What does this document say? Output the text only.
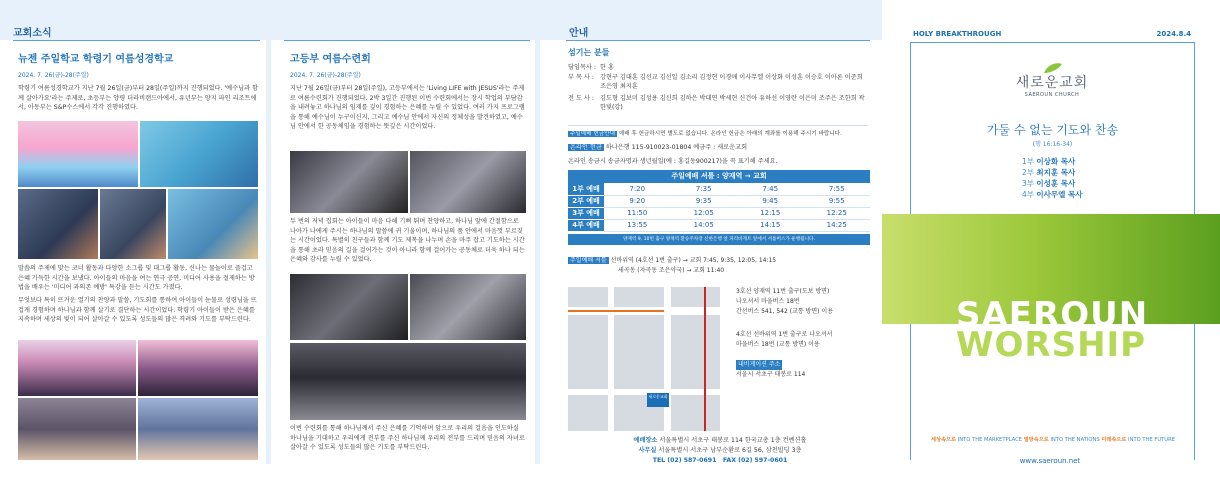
교회소식
뉴젠 주일학교 학령기 여름성경학교
2024. 7. 26(금)-28(주일)
학령기 여름성경학교가 지난 7월 26일(금)부터 28일(주일)까지 진행되었다. '예수님과 함께 살아가요'라는 주제로, 초등부는 양평 더라비랜드아에서, 유년부는 양지 파인 리조트에서, 아동부는 S&P수스에서 각각 진행하였다.
말씀의 주제에 맞는 코너 활동과 다양한 소그룹 및 대그룹 활동, 신나는 물놀이로 즐겁고 은혜 가득한 시간을 보냈다. 아이들의 마음을 여는 연극 공연, 미디어 사용을 절제하는 방법을 배우는 '미디어 과의존 예방' 특강을 듣는 시간도 가졌다.
무엇보다 특히 뜨거운 열기의 찬양과 말씀, 기도회를 통하여 아이들이 눈물로 성령님을 뜨겁게 경험하며 하나님과 함께 살기로 결단하는 시간이었다. 학령기 아이들이 받은 은혜를 지속하며 세상의 빛이 되어 살아갈 수 있도록 성도들의 많은 격려와 기도를 부탁드린다.
고등부 여름수련회
2024. 7. 26(금)-28(주일)
지난 7월 26일(금)부터 28일(주일), 고등부에서는 'Living LIFE with JESUS'라는 주제로 여름수련회가 진행되었다. 2박 3일간 진행된 이번 수련회에서는 장시 학업의 부담감을 내려놓고 하나님의 임재를 깊이 경험하는 은혜를 누릴 수 있었다. 여러 가지 프로그램을 통해 예수님이 누구이신지, 그리고 예수님 안에서 자신의 정체성을 발견하였고, 예수님 안에서 한 공동체임을 경험하는 뜻깊은 시간이었다.
두 번의 저녁 집회는 아이들이 마음 다해 기뻐 뛰며 찬양하고, 하나님 앞에 간절함으로 나아가 나에게 주시는 하나님의 말씀에 귀 기울이며, 하나님의 품 안에서 마음껏 부르짖는 시간이었다. 특별히 친구들과 함께 기도 제목을 나누며 손을 마주 잡고 기도하는 시간을 통해 초라 믿음의 길을 걸어가는 것이 아니라 함께 걸어가는 공동체로 더욱 하나 되는 은혜와 감사를 누릴 수 있었다.
이번 수련회를 통해 하나님께서 주신 은혜를 기억하며 앞으로 우리의 걸음을 인도하실 하나님을 기대하고 우리에게 전부를 주신 하나님께 우리의 전부를 드리며 믿음의 자녀로 살아갈 수 있도록 성도들의 많은 기도를 부탁드린다.
안내
섬기는 분들
담임목사 : 한 홍
부 목 사 : 강현구 김대훈 김선교 김선일 김소리 김정현 이경애 이사무엘 이상화 이성훈 이승호 이아론 이준희 조은영 최지훈
전 도 사 : 김도형 김보미 김성용 김신희 김하은 박대연 박세현 신건아 유하선 이영란 이은미 조주은 조한희 곽한빛(강)
주일예배 헌금안내 예배 후 헌금하시면 별도로 없습니다. 온라인 헌금은 아래의 계좌를 이용해 주시기 바랍니다.
온라인 헌금 하나은행 115-910023-01804 예금주 : 새로운교회
온라인 송금시 송금자명과 생년월일(예 : 홍길동900217)을 꼭 표기해 주세요.
주일예배 셔틀 : 양재역 → 교회
1부 예배	7:20	7:35	7:45	7:55
2부 예배	9:20	9:35	9:45	9:55
3부 예배	11:50	12:05	12:15	12:25
4부 예배	13:55	14:05	14:15	14:25
양재역 9, 10번 출구 양재역 환승주차장 신한은행 앞 파리바게트 앞에서 셔틀버스가 운행됩니다.
주일예배 셔틀 선바위역 (4호선 1번 출구) → 교회 7:45, 9:35, 12:05, 14:15
세곡동 (자곡동 조은약국) → 교회 11:40
새로운교회
3호선 양재역 11번 출구(도보 방면)
나오셔서 마을버스 18번
간선버스 541, 542 (교통 방면) 이용
4호선 선바위역 1번 출구로 나오셔서
마을버스 18번 (교통 방면) 이용
내비게이션 주소
서울시 서초구 태봉로 114
예배장소 서울특별시 서초구 태봉로 114 한국교총 1층 컨벤션홀
사무실 서울특별시 서초구 남부순환로 6길 56, 삼천빌딩 3층
TEL (02) 587-0691 FAX (02) 597-0601
HOLY BREAKTHROUGH	2024.8.4
새로운교회
SAEROUN CHURCH
가둘 수 없는 기도와 찬송
(행 16:16-34)
1부 이상화 목사
2부 최지훈 목사
3부 이성훈 목사
4부 이사무엘 목사
SAEROUN
WORSHIP
세상속으로 INTO THE MARKETPLACE 열방속으로 INTO THE NATIONS 미래속으로 INTO THE FUTURE
www.saeroun.net
